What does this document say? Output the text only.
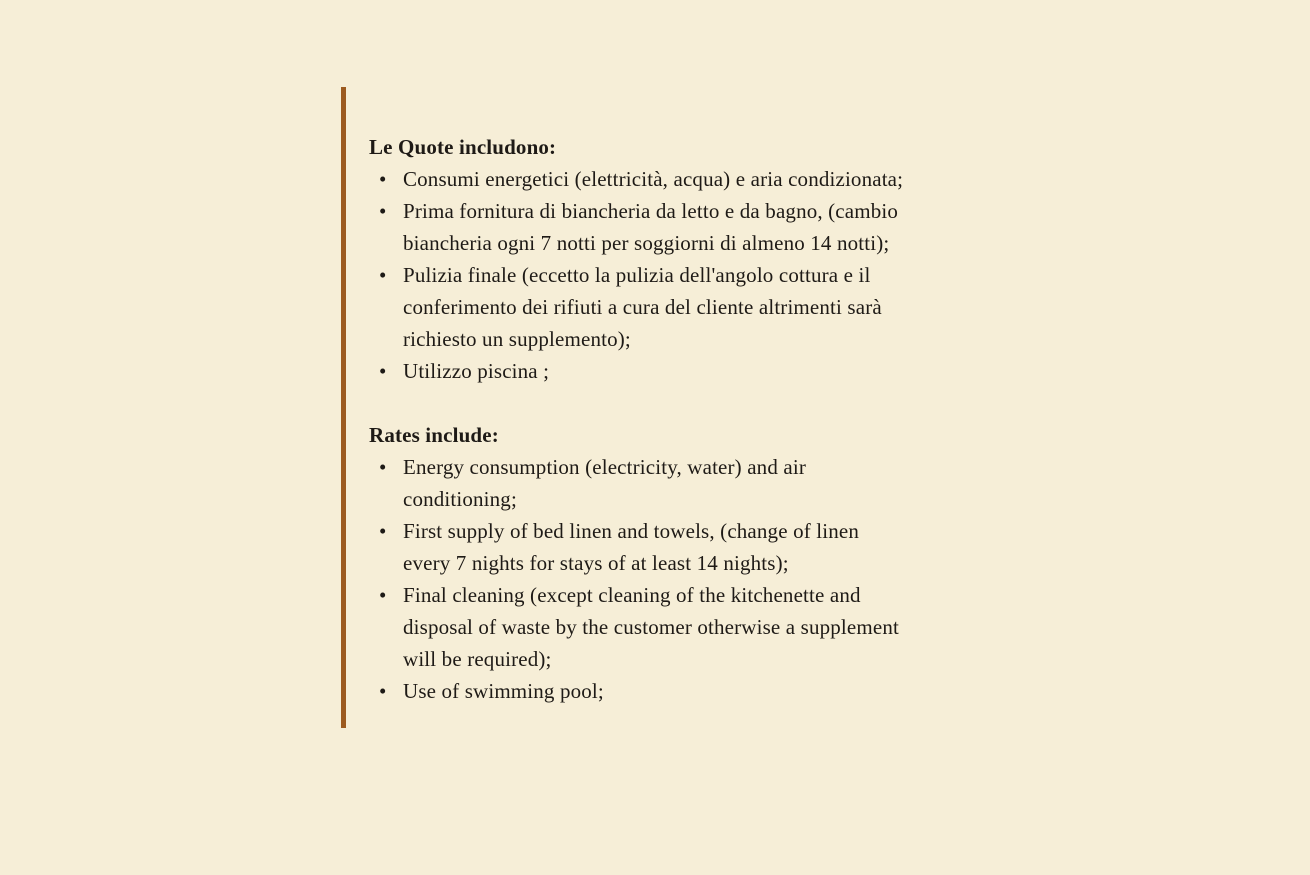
Le Quote includono:

• Consumi energetici (elettricità, acqua) e aria condizionata;
• Prima fornitura di biancheria da letto e da bagno, (cambio
biancheria ogni 7 notti per soggiorni di almeno 14 notti);
• Pulizia finale (eccetto la pulizia dell'angolo cottura e il
conferimento dei rifiuti a cura del cliente altrimenti sarà
richiesto un supplemento);
• Utilizzo piscina ;

Rates include:

• Energy consumption (electricity, water) and air
conditioning;
• First supply of bed linen and towels, (change of linen
every 7 nights for stays of at least 14 nights);
• Final cleaning (except cleaning of the kitchenette and
disposal of waste by the customer otherwise a supplement
will be required);
• Use of swimming pool;
